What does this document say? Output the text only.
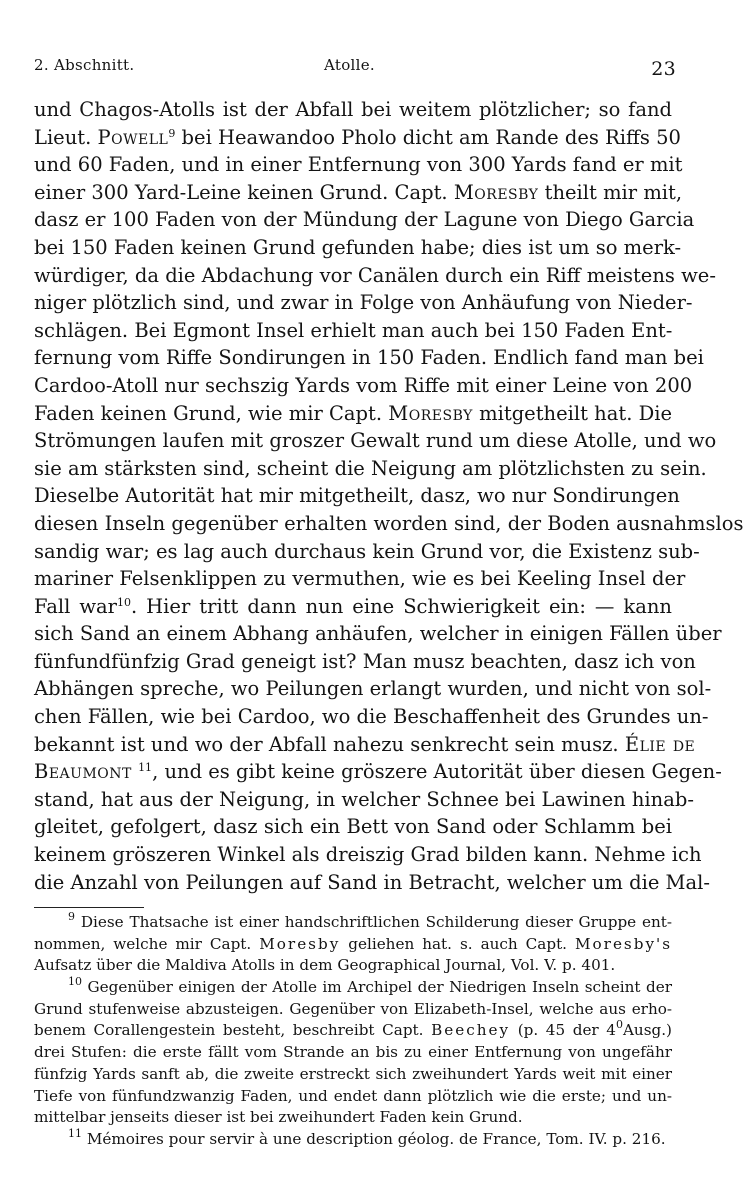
2. Abschnitt.	Atolle.	23
und Chagos-Atolls ist der Abfall bei weitem plötzlicher; so fand
Lieut. Powell$^9$ bei Heawandoo Pholo dicht am Rande des Riffs 50
und 60 Faden, und in einer Entfernung von 300 Yards fand er mit
einer 300 Yard-Leine keinen Grund. Capt. Moresby theilt mir mit,
dasz er 100 Faden von der Mündung der Lagune von Diego Garcia
bei 150 Faden keinen Grund gefunden habe; dies ist um so merk-
würdiger, da die Abdachung vor Canälen durch ein Riff meistens we-
niger plötzlich sind, und zwar in Folge von Anhäufung von Nieder-
schlägen. Bei Egmont Insel erhielt man auch bei 150 Faden Ent-
fernung vom Riffe Sondirungen in 150 Faden. Endlich fand man bei
Cardoo-Atoll nur sechszig Yards vom Riffe mit einer Leine von 200
Faden keinen Grund, wie mir Capt. Moresby mitgetheilt hat. Die
Strömungen laufen mit groszer Gewalt rund um diese Atolle, und wo
sie am stärksten sind, scheint die Neigung am plötzlichsten zu sein.
Dieselbe Autorität hat mir mitgetheilt, dasz, wo nur Sondirungen
diesen Inseln gegenüber erhalten worden sind, der Boden ausnahmslos
sandig war; es lag auch durchaus kein Grund vor, die Existenz sub-
mariner Felsenklippen zu vermuthen, wie es bei Keeling Insel der
Fall war$^{10}$. Hier tritt dann nun eine Schwierigkeit ein: — kann
sich Sand an einem Abhang anhäufen, welcher in einigen Fällen über
fünfundfünfzig Grad geneigt ist? Man musz beachten, dasz ich von
Abhängen spreche, wo Peilungen erlangt wurden, und nicht von sol-
chen Fällen, wie bei Cardoo, wo die Beschaffenheit des Grundes un-
bekannt ist und wo der Abfall nahezu senkrecht sein musz. Élie de
Beaumont $^{11}$, und es gibt keine gröszere Autorität über diesen Gegen-
stand, hat aus der Neigung, in welcher Schnee bei Lawinen hinab-
gleitet, gefolgert, dasz sich ein Bett von Sand oder Schlamm bei
keinem gröszeren Winkel als dreiszig Grad bilden kann. Nehme ich
die Anzahl von Peilungen auf Sand in Betracht, welcher um die Mal-
$^9$ Diese Thatsache ist einer handschriftlichen Schilderung dieser Gruppe ent-
nommen, welche mir Capt. Moresby geliehen hat. s. auch Capt. Moresby's
Aufsatz über die Maldiva Atolls in dem Geographical Journal, Vol. V. p. 401.
$^{10}$ Gegenüber einigen der Atolle im Archipel der Niedrigen Inseln scheint der
Grund stufenweise abzusteigen. Gegenüber von Elizabeth-Insel, welche aus erho-
benem Corallengestein besteht, beschreibt Capt. Beechey (p. 45 der $4^0Ausg$.)
drei Stufen: die erste fällt vom Strande an bis zu einer Entfernung von ungefähr
fünfzig Yards sanft ab, die zweite erstreckt sich zweihundert Yards weit mit einer
Tiefe von fünfundzwanzig Faden, und endet dann plötzlich wie die erste; und un-
mittelbar jenseits dieser ist bei zweihundert Faden kein Grund.
$^{11}$ Mémoires pour servir à une description géolog. de France, Tom. IV. p. 216.
